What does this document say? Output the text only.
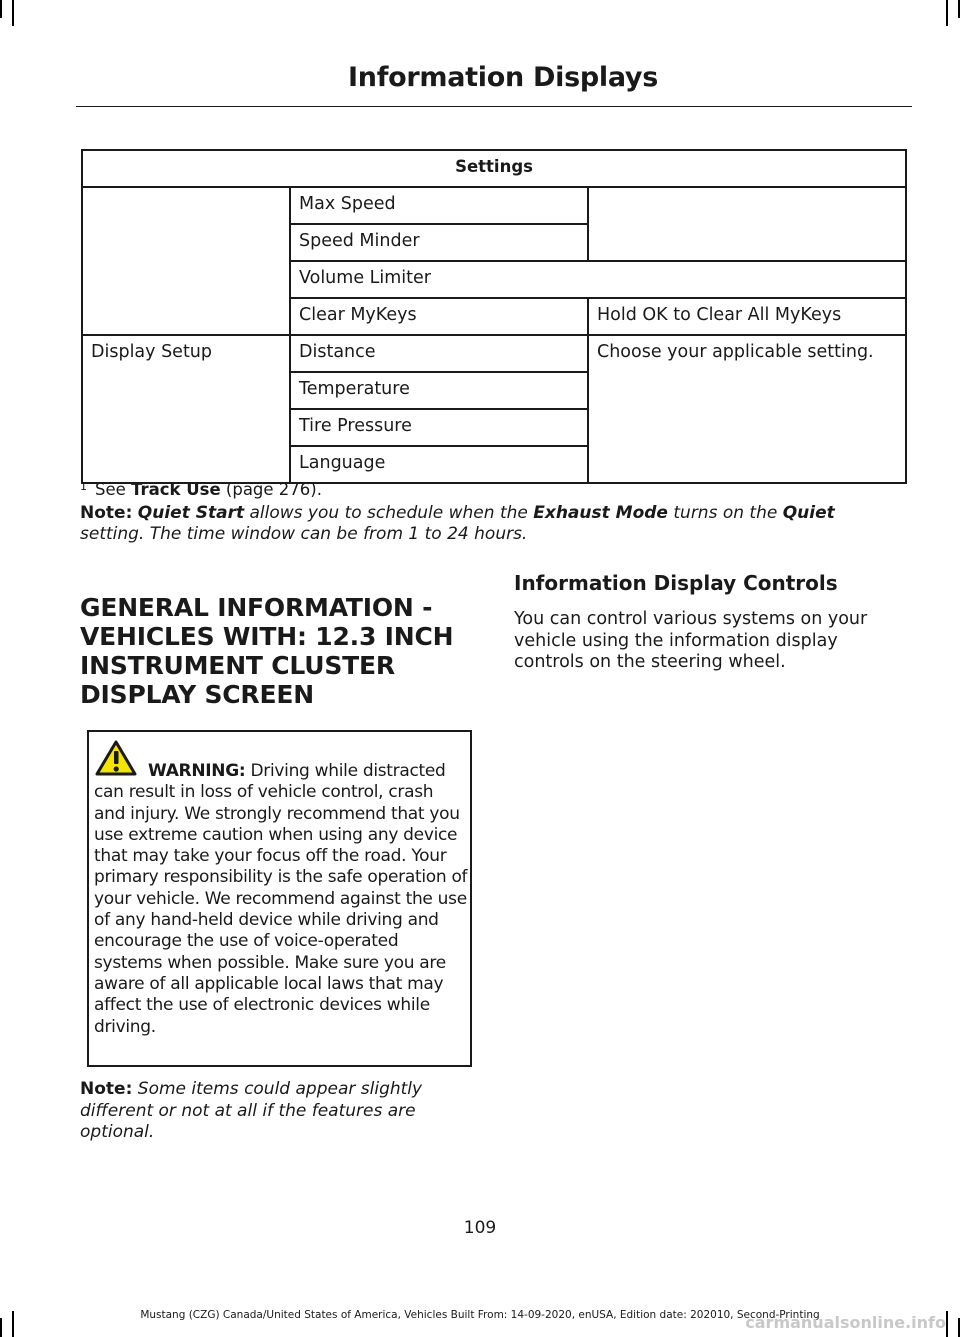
Information Displays
Settings		
	Max Speed	
	Speed Minder	
	Volume Limiter	
	Clear MyKeys	Hold OK to Clear All MyKeys
Display Setup	Distance	Choose your applicable setting.
	Temperature	
	Tire Pressure	
	Language	
$^1$ See Track Use (page 276).
Note: Quiet Start allows you to schedule when the Exhaust Mode turns on the Quiet setting. The time window can be from 1 to 24 hours.
GENERAL INFORMATION - VEHICLES WITH: 12.3 INCH INSTRUMENT CLUSTER DISPLAY SCREEN
WARNING: Driving while distracted can result in loss of vehicle control, crash and injury. We strongly recommend that you use extreme caution when using any device that may take your focus off the road. Your primary responsibility is the safe operation of your vehicle. We recommend against the use of any hand-held device while driving and encourage the use of voice-operated systems when possible. Make sure you are aware of all applicable local laws that may affect the use of electronic devices while driving.
Note: Some items could appear slightly different or not at all if the features are optional.
Information Display Controls
You can control various systems on your vehicle using the information display controls on the steering wheel.
109
Mustang (CZG) Canada/United States of America, Vehicles Built From: 14-09-2020, enUSA, Edition date: 202010, Second-Printing
carmanualsonline.info
